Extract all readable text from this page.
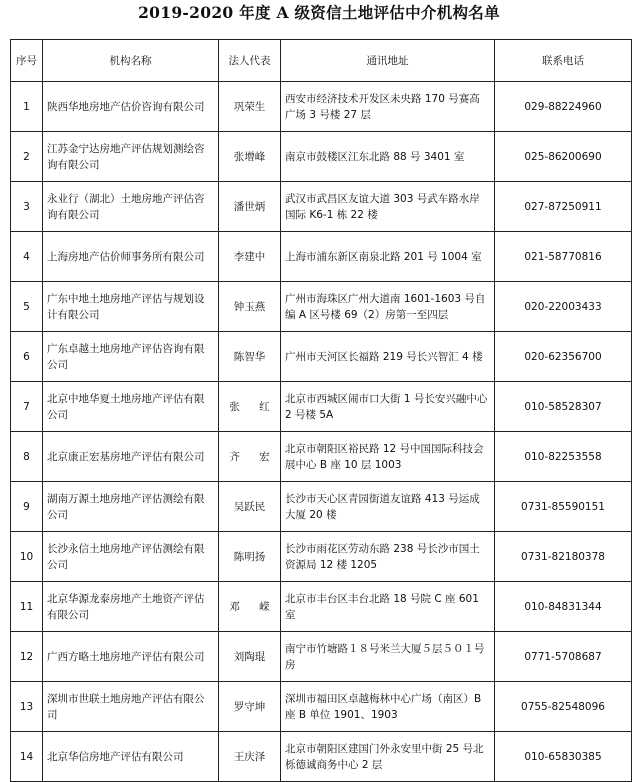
2019-2020 年度 A 级资信土地评估中介机构名单
序号	机构名称	法人代表	通讯地址	联系电话
1	陕西华地房地产估价咨询有限公司	巩荣生	西安市经济技术开发区未央路 170 号赛高广场 3 号楼 27 层	029-88224960
2	江苏金宁达房地产评估规划测绘咨询有限公司	张增峰	南京市鼓楼区江东北路 88 号 3401 室	025-86200690
3	永业行（湖北）土地房地产评估咨询有限公司	潘世炳	武汉市武昌区友谊大道 303 号武车路水岸国际 K6-1 栋 22 楼	027-87250911
4	上海房地产估价师事务所有限公司	李建中	上海市浦东新区南泉北路 201 号 1004 室	021-58770816
5	广东中地土地房地产评估与规划设计有限公司	钟玉燕	广州市海珠区广州大道南 1601-1603 号自编 A 区号楼 69（2）房第一至四层	020-22003433
6	广东卓越土地房地产评估咨询有限公司	陈智华	广州市天河区长福路 219 号长兴智汇 4 楼	020-62356700
7	北京中地华夏土地房地产评估有限公司	张 红	北京市西城区闹市口大街 1 号长安兴融中心 2 号楼 5A	010-58528307
8	北京康正宏基房地产评估有限公司	齐 宏	北京市朝阳区裕民路 12 号中国国际科技会展中心 B 座 10 层 1003	010-82253558
9	湖南万源土地房地产评估测绘有限公司	吴跃民	长沙市天心区青园街道友谊路 413 号运成大厦 20 楼	0731-85590151
10	长沙永信土地房地产评估测绘有限公司	陈明扬	长沙市雨花区劳动东路 238 号长沙市国土资源局 12 楼 1205	0731-82180378
11	北京华源龙泰房地产土地资产评估有限公司	邓 嵘	北京市丰台区丰台北路 18 号院 C 座 601 室	010-84831344
12	广西方略土地房地产评估有限公司	刘陶琨	南宁市竹塘路１８号米兰大厦５层５０１号房	0771-5708687
13	深圳市世联土地房地产评估有限公司	罗守坤	深圳市福田区卓越梅林中心广场（南区）B 座 B 单位 1901、1903	0755-82548096
14	北京华信房地产评估有限公司	王庆泽	北京市朝阳区建国门外永安里中街 25 号北栎德诚商务中心 2 层	010-65830385
